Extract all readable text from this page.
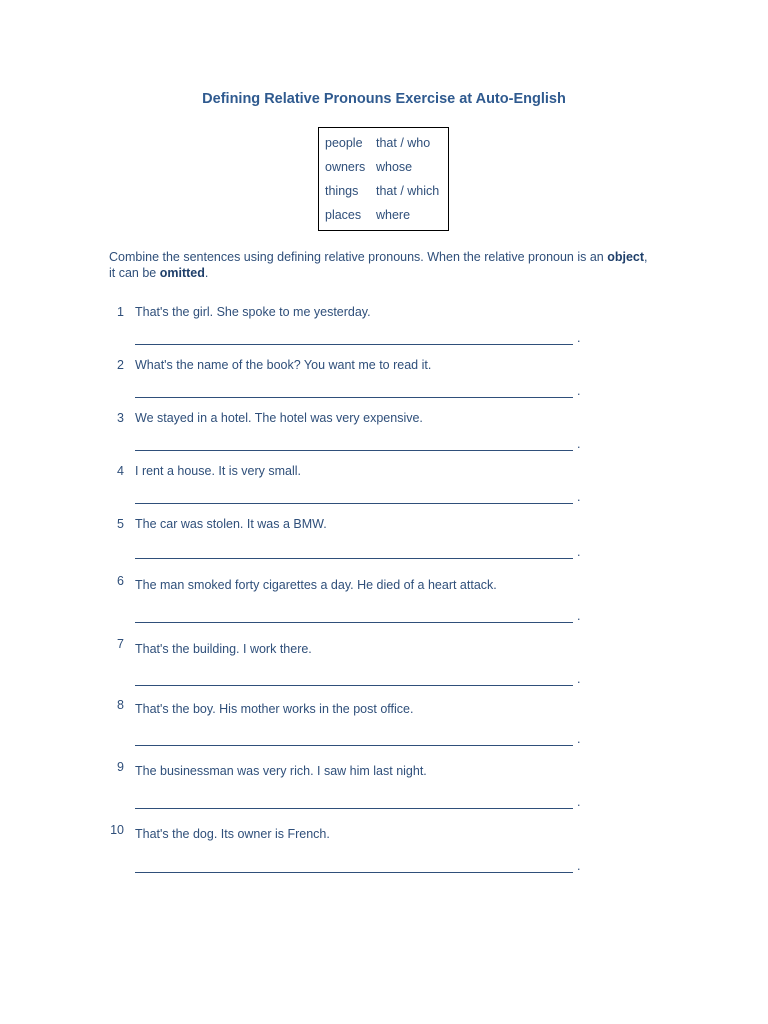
Defining Relative Pronouns Exercise at Auto-English
people that / who
owners whose
things that / which
places where
Combine the sentences using defining relative pronouns. When the relative pronoun is an object, it can be omitted.
1 That's the girl. She spoke to me yesterday.
.
2 What's the name of the book? You want me to read it.
.
3 We stayed in a hotel. The hotel was very expensive.
.
4 I rent a house. It is very small.
.
5 The car was stolen. It was a BMW.
.
6 The man smoked forty cigarettes a day. He died of a heart attack.
.
7 That's the building. I work there.
.
8 That's the boy. His mother works in the post office.
.
9 The businessman was very rich. I saw him last night.
.
10 That's the dog. Its owner is French.
.
